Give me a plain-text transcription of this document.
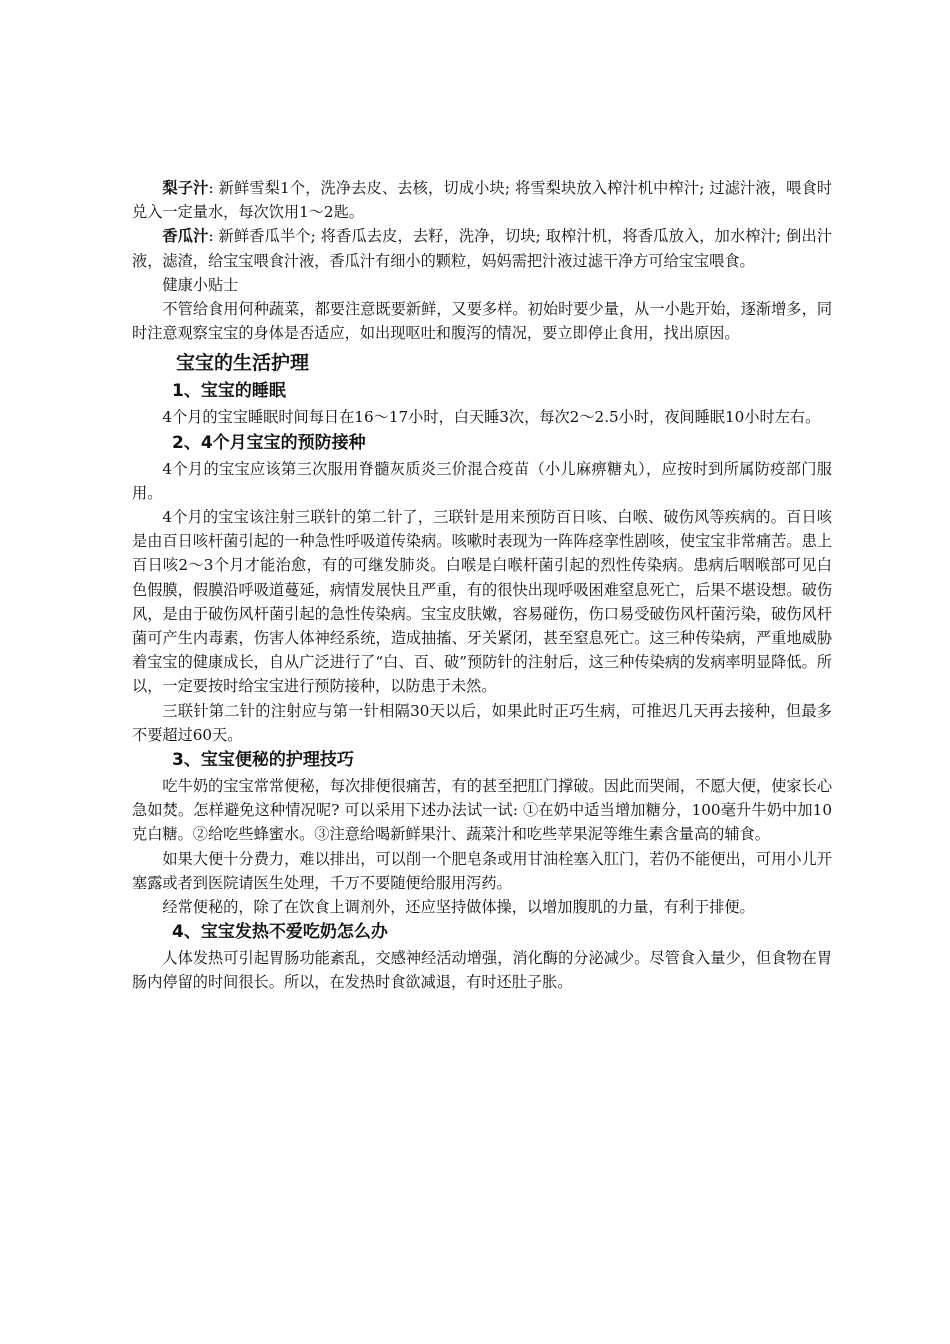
梨子汁: 新鲜雪梨1个，洗净去皮、去核，切成小块; 将雪梨块放入榨汁机中榨汁; 过滤汁液，喂食时兑入一定量水，每次饮用1～2匙。

香瓜汁: 新鲜香瓜半个; 将香瓜去皮，去籽，洗净，切块; 取榨汁机，将香瓜放入，加水榨汁; 倒出汁液，滤渣，给宝宝喂食汁液，香瓜汁有细小的颗粒，妈妈需把汁液过滤干净方可给宝宝喂食。

健康小贴士

不管给食用何种蔬菜，都要注意既要新鲜，又要多样。初始时要少量，从一小匙开始，逐渐增多，同时注意观察宝宝的身体是否适应，如出现呕吐和腹泻的情况，要立即停止食用，找出原因。

宝宝的生活护理
1、宝宝的睡眠

4个月的宝宝睡眠时间每日在16～17小时，白天睡3次，每次2～2.5小时，夜间睡眠10小时左右。

2、4个月宝宝的预防接种

4个月的宝宝应该第三次服用脊髓灰质炎三价混合疫苗（小儿麻痹糖丸），应按时到所属防疫部门服用。

4个月的宝宝该注射三联针的第二针了，三联针是用来预防百日咳、白喉、破伤风等疾病的。百日咳是由百日咳杆菌引起的一种急性呼吸道传染病。咳嗽时表现为一阵阵痉挛性剧咳，使宝宝非常痛苦。患上百日咳2～3个月才能治愈，有的可继发肺炎。白喉是白喉杆菌引起的烈性传染病。患病后咽喉部可见白色假膜，假膜沿呼吸道蔓延，病情发展快且严重，有的很快出现呼吸困难窒息死亡，后果不堪设想。破伤风，是由于破伤风杆菌引起的急性传染病。宝宝皮肤嫩，容易碰伤，伤口易受破伤风杆菌污染，破伤风杆菌可产生内毒素，伤害人体神经系统，造成抽搐、牙关紧闭，甚至窒息死亡。这三种传染病，严重地威胁着宝宝的健康成长，自从广泛进行了“白、百、破”预防针的注射后，这三种传染病的发病率明显降低。所以，一定要按时给宝宝进行预防接种，以防患于未然。

三联针第二针的注射应与第一针相隔30天以后，如果此时正巧生病，可推迟几天再去接种，但最多不要超过60天。

3、宝宝便秘的护理技巧

吃牛奶的宝宝常常便秘，每次排便很痛苦，有的甚至把肛门撑破。因此而哭闹，不愿大便，使家长心急如焚。怎样避免这种情况呢? 可以采用下述办法试一试: ①在奶中适当增加糖分，100毫升牛奶中加10克白糖。②给吃些蜂蜜水。③注意给喝新鲜果汁、蔬菜汁和吃些苹果泥等维生素含量高的辅食。

如果大便十分费力，难以排出，可以削一个肥皂条或用甘油栓塞入肛门，若仍不能便出，可用小儿开塞露或者到医院请医生处理，千万不要随便给服用泻药。

经常便秘的，除了在饮食上调剂外，还应坚持做体操，以增加腹肌的力量，有利于排便。

4、宝宝发热不爱吃奶怎么办

人体发热可引起胃肠功能紊乱，交感神经活动增强，消化酶的分泌减少。尽管食入量少，但食物在胃肠内停留的时间很长。所以，在发热时食欲减退，有时还肚子胀。
